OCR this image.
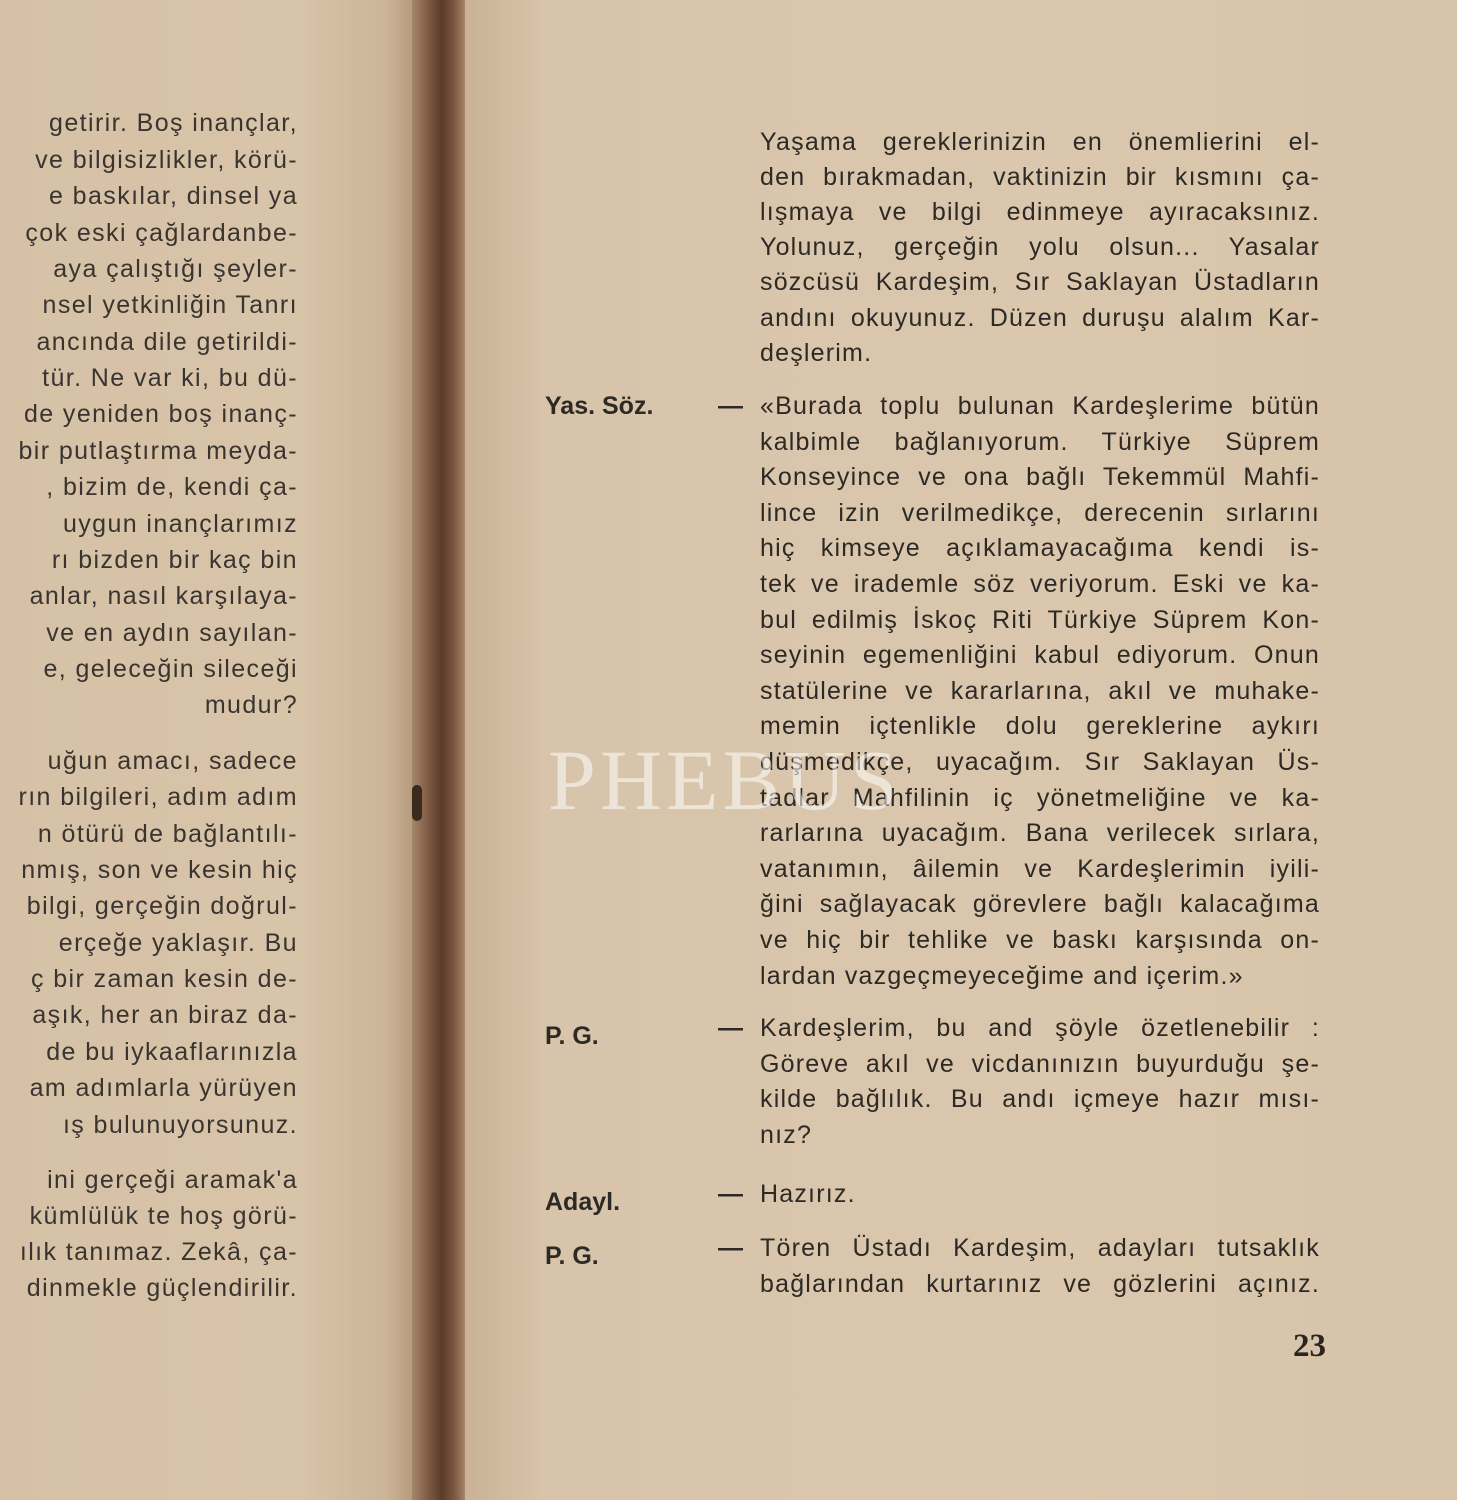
getirir. Boş inançlar,
ve bilgisizlikler, körü-
e baskılar, dinsel ya
çok eski çağlardanbe-
aya çalıştığı şeyler-
nsel yetkinliğin Tanrı
ancında dile getirildi-
tür. Ne var ki, bu dü-
de yeniden boş inanç-
bir putlaştırma meyda-
, bizim de, kendi ça-
uygun inançlarımız
rı bizden bir kaç bin
anlar, nasıl karşılaya-
ve en aydın sayılan-
e, geleceğin sileceği
mudur?
uğun amacı, sadece
rın bilgileri, adım adım
n ötürü de bağlantılı-
nmış, son ve kesin hiç
bilgi, gerçeğin doğrul-
erçeğe yaklaşır. Bu
ç bir zaman kesin de-
aşık, her an biraz da-
de bu iykaaflarınızla
am adımlarla yürüyen
ış bulunuyorsunuz.
ini gerçeği aramak'a
kümlülük te hoş görü-
ılık tanımaz. Zekâ, ça-
dinmekle güçlendirilir.
Yaşama gereklerinizin en önemlierini el-
den bırakmadan, vaktinizin bir kısmını ça-
lışmaya ve bilgi edinmeye ayıracaksınız.
Yolunuz, gerçeğin yolu olsun... Yasalar
sözcüsü Kardeşim, Sır Saklayan Üstadların
andını okuyunuz. Düzen duruşu alalım Kar-
deşlerim.
Yas. Söz.	— «Burada toplu bulunan Kardeşlerime bütün
kalbimle bağlanıyorum. Türkiye Süprem
Konseyince ve ona bağlı Tekemmül Mahfi-
lince izin verilmedikçe, derecenin sırlarını
hiç kimseye açıklamayacağıma kendi is-
tek ve irademle söz veriyorum. Eski ve ka-
bul edilmiş İskoç Riti Türkiye Süprem Kon-
seyinin egemenliğini kabul ediyorum. Onun
statülerine ve kararlarına, akıl ve muhake-
memin içtenlikle dolu gereklerine aykırı
düşmedikçe, uyacağım. Sır Saklayan Üs-
tadlar Mahfilinin iç yönetmeliğine ve ka-
rarlarına uyacağım. Bana verilecek sırlara,
vatanımın, âilemin ve Kardeşlerimin iyili-
ğini sağlayacak görevlere bağlı kalacağıma
ve hiç bir tehlike ve baskı karşısında on-
lardan vazgeçmeyeceğime and içerim.»
P. G.	— Kardeşlerim, bu and şöyle özetlenebilir :
Göreve akıl ve vicdanınızın buyurduğu şe-
kilde bağlılık. Bu andı içmeye hazır mısı-
nız?
Adayl.	— Hazırız.
P. G.	— Tören Üstadı Kardeşim, adayları tutsaklık
bağlarından kurtarınız ve gözlerini açınız.
23
PHEBUS
